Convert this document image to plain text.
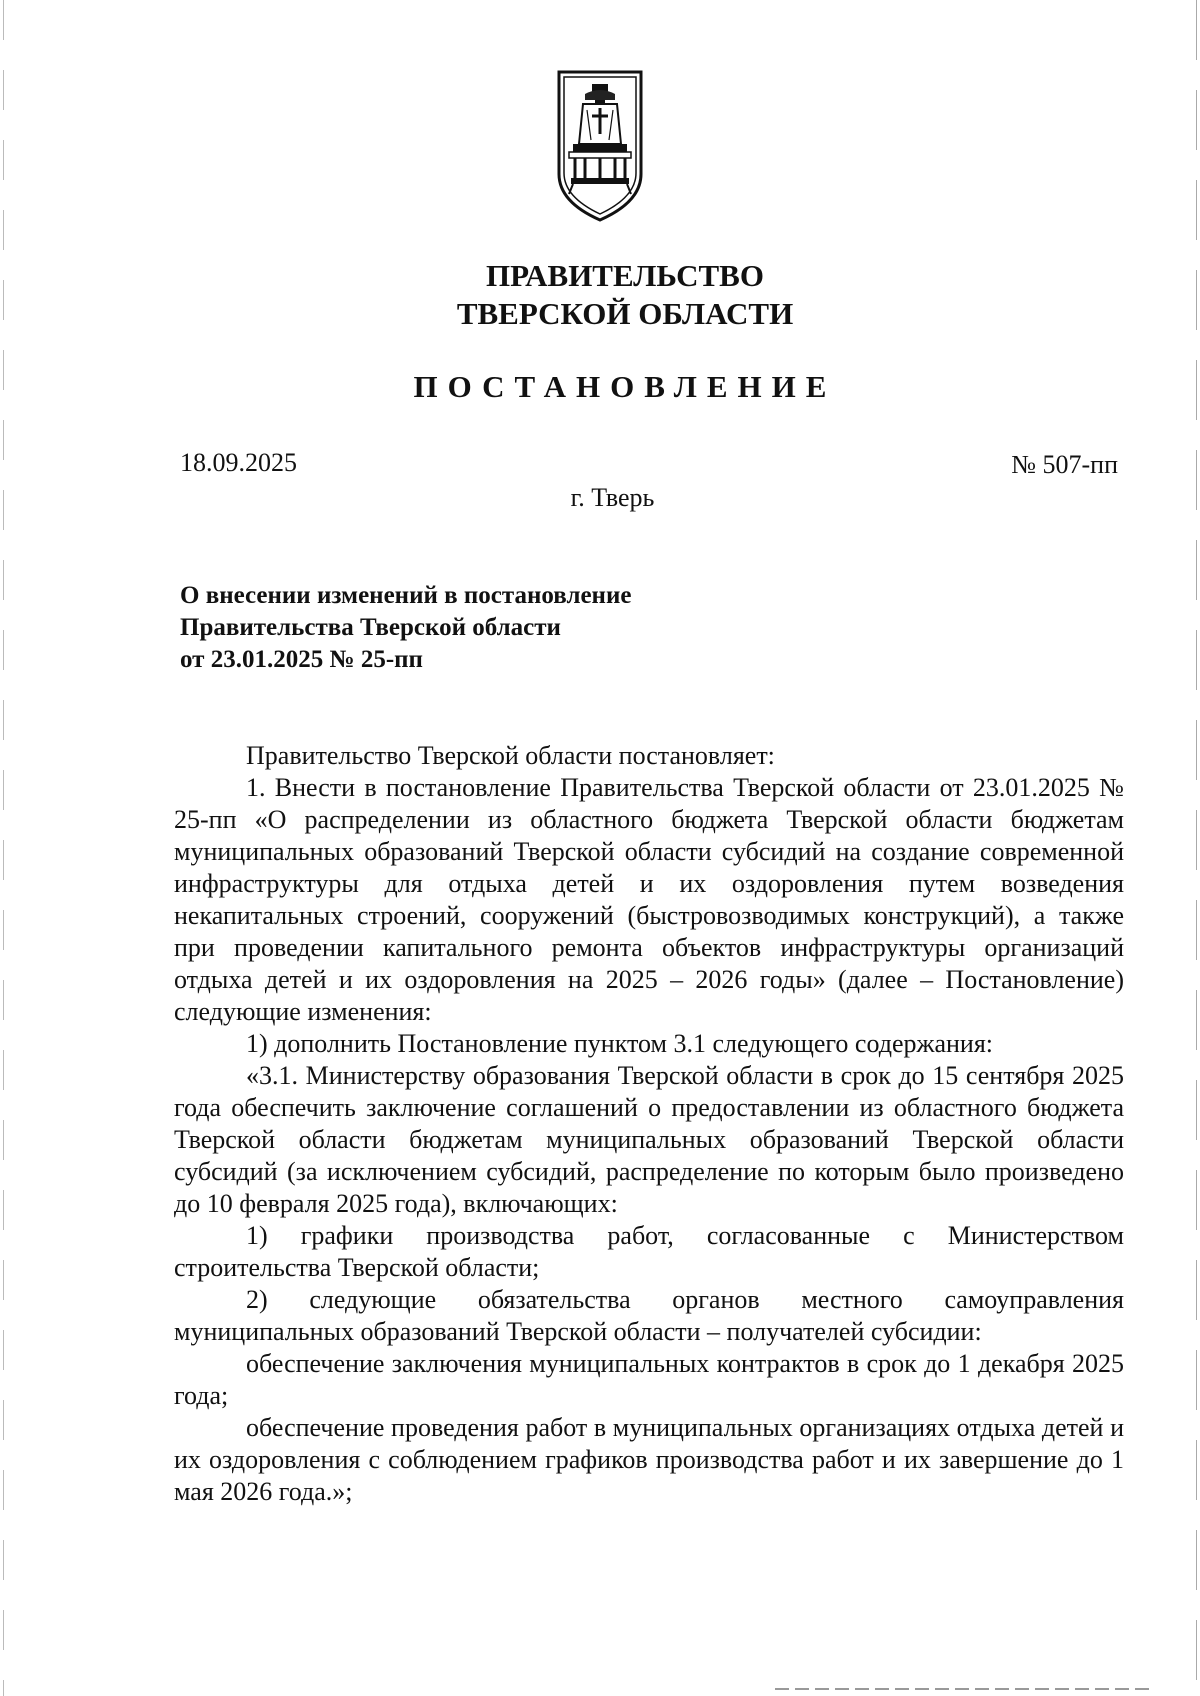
ПРАВИТЕЛЬСТВО
ТВЕРСКОЙ ОБЛАСТИ
ПОСТАНОВЛЕНИЕ
18.09.2025	№ 507-пп
г. Тверь
О внесении изменений в постановление
Правительства Тверской области
от 23.01.2025 № 25-пп

Правительство Тверской области постановляет:

1. Внести в постановление Правительства Тверской области от 23.01.2025 № 25-пп «О распределении из областного бюджета Тверской области бюджетам муниципальных образований Тверской области субсидий на создание современной инфраструктуры для отдыха детей и их оздоровления путем возведения некапитальных строений, сооружений (быстровозводимых конструкций), а также при проведении капитального ремонта объектов инфраструктуры организаций отдыха детей и их оздоровления на 2025 – 2026 годы» (далее – Постановление) следующие изменения:

1) дополнить Постановление пунктом 3.1 следующего содержания:

«3.1. Министерству образования Тверской области в срок до 15 сентября 2025 года обеспечить заключение соглашений о предоставлении из областного бюджета Тверской области бюджетам муниципальных образований Тверской области субсидий (за исключением субсидий, распределение по которым было произведено до 10 февраля 2025 года), включающих:

1) графики производства работ, согласованные с Министерством строительства Тверской области;

2) следующие обязательства органов местного самоуправления муниципальных образований Тверской области – получателей субсидии:

обеспечение заключения муниципальных контрактов в срок до 1 декабря 2025 года;

обеспечение проведения работ в муниципальных организациях отдыха детей и их оздоровления с соблюдением графиков производства работ и их завершение до 1 мая 2026 года.»;
